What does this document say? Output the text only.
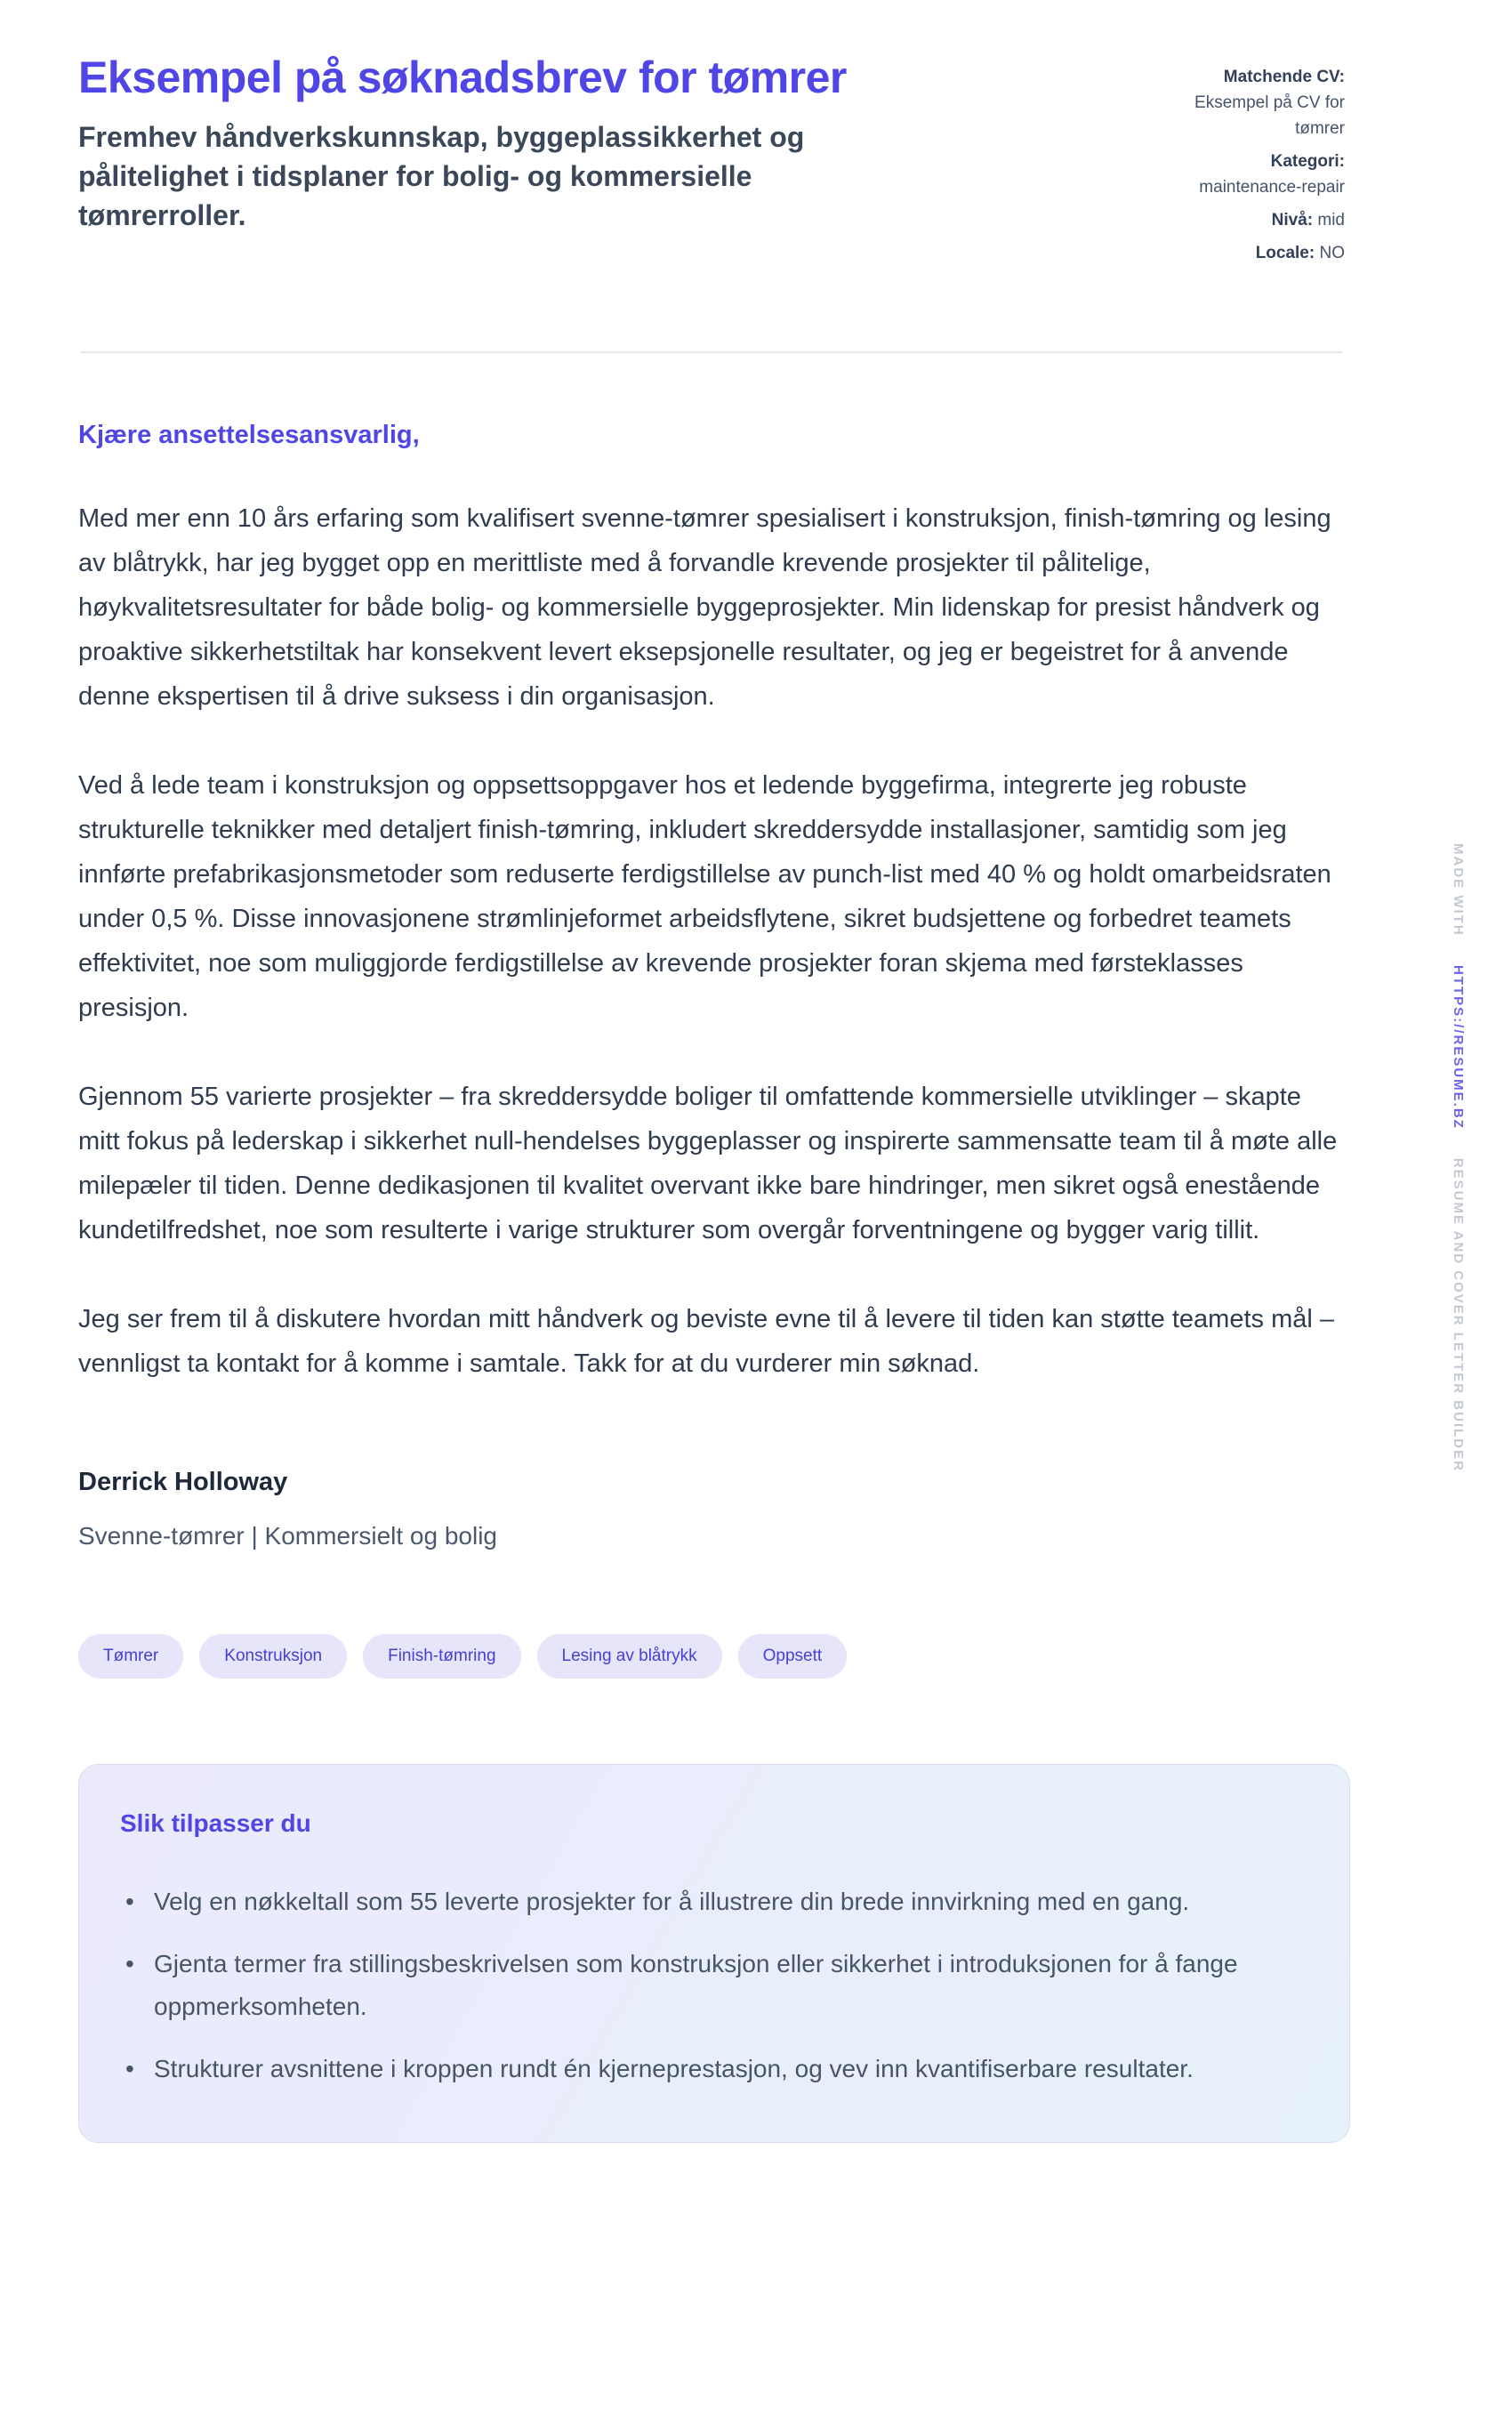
Eksempel på søknadsbrev for tømrer

Fremhev håndverkskunnskap, byggeplassikkerhet og pålitelighet i tidsplaner for bolig- og kommersielle tømrerroller.

Matchende CV:
Eksempel på CV for tømrer
Kategori:
maintenance-repair
Nivå: mid
Locale: NO

Kjære ansettelsesansvarlig,

Med mer enn 10 års erfaring som kvalifisert svenne-tømrer spesialisert i konstruksjon, finish-tømring og lesing av blåtrykk, har jeg bygget opp en merittliste med å forvandle krevende prosjekter til pålitelige, høykvalitetsresultater for både bolig- og kommersielle byggeprosjekter. Min lidenskap for presist håndverk og proaktive sikkerhetstiltak har konsekvent levert eksepsjonelle resultater, og jeg er begeistret for å anvende denne ekspertisen til å drive suksess i din organisasjon.

Ved å lede team i konstruksjon og oppsettsoppgaver hos et ledende byggefirma, integrerte jeg robuste strukturelle teknikker med detaljert finish-tømring, inkludert skreddersydde installasjoner, samtidig som jeg innførte prefabrikasjonsmetoder som reduserte ferdigstillelse av punch-list med 40 % og holdt omarbeidsraten under 0,5 %. Disse innovasjonene strømlinjeformet arbeidsflytene, sikret budsjettene og forbedret teamets effektivitet, noe som muliggjorde ferdigstillelse av krevende prosjekter foran skjema med førsteklasses presisjon.

Gjennom 55 varierte prosjekter – fra skreddersydde boliger til omfattende kommersielle utviklinger – skapte mitt fokus på lederskap i sikkerhet null-hendelses byggeplasser og inspirerte sammensatte team til å møte alle milepæler til tiden. Denne dedikasjonen til kvalitet overvant ikke bare hindringer, men sikret også enestående kundetilfredshet, noe som resulterte i varige strukturer som overgår forventningene og bygger varig tillit.

Jeg ser frem til å diskutere hvordan mitt håndverk og beviste evne til å levere til tiden kan støtte teamets mål – vennligst ta kontakt for å komme i samtale. Takk for at du vurderer min søknad.

Derrick Holloway

Svenne-tømrer | Kommersielt og bolig

Tømrer	Konstruksjon	Finish-tømring	Lesing av blåtrykk	Oppsett
Slik tilpasser du
• Velg en nøkkeltall som 55 leverte prosjekter for å illustrere din brede innvirkning med en gang.
• Gjenta termer fra stillingsbeskrivelsen som konstruksjon eller sikkerhet i introduksjonen for å fange oppmerksomheten.
• Strukturer avsnittene i kroppen rundt én kjerneprestasjon, og vev inn kvantifiserbare resultater.
MADE WITH HTTPS://RESUME.BZ RESUME AND COVER LETTER BUILDER
